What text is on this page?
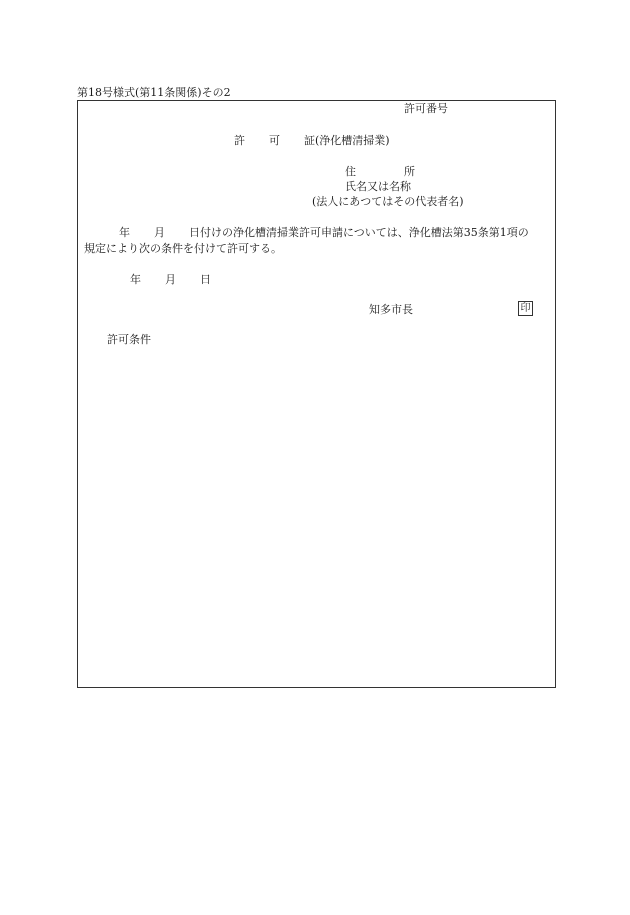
第18号様式(第11条関係)その2
許可番号
許 可 証(浄化槽清掃業)
住	所
氏名又は名称
(法人にあつてはその代表者名)
年 月 日付けの浄化槽清掃業許可申請については、浄化槽法第35条第1項の
規定により次の条件を付けて許可する。
年 月 日
知多市長	印
許可条件
